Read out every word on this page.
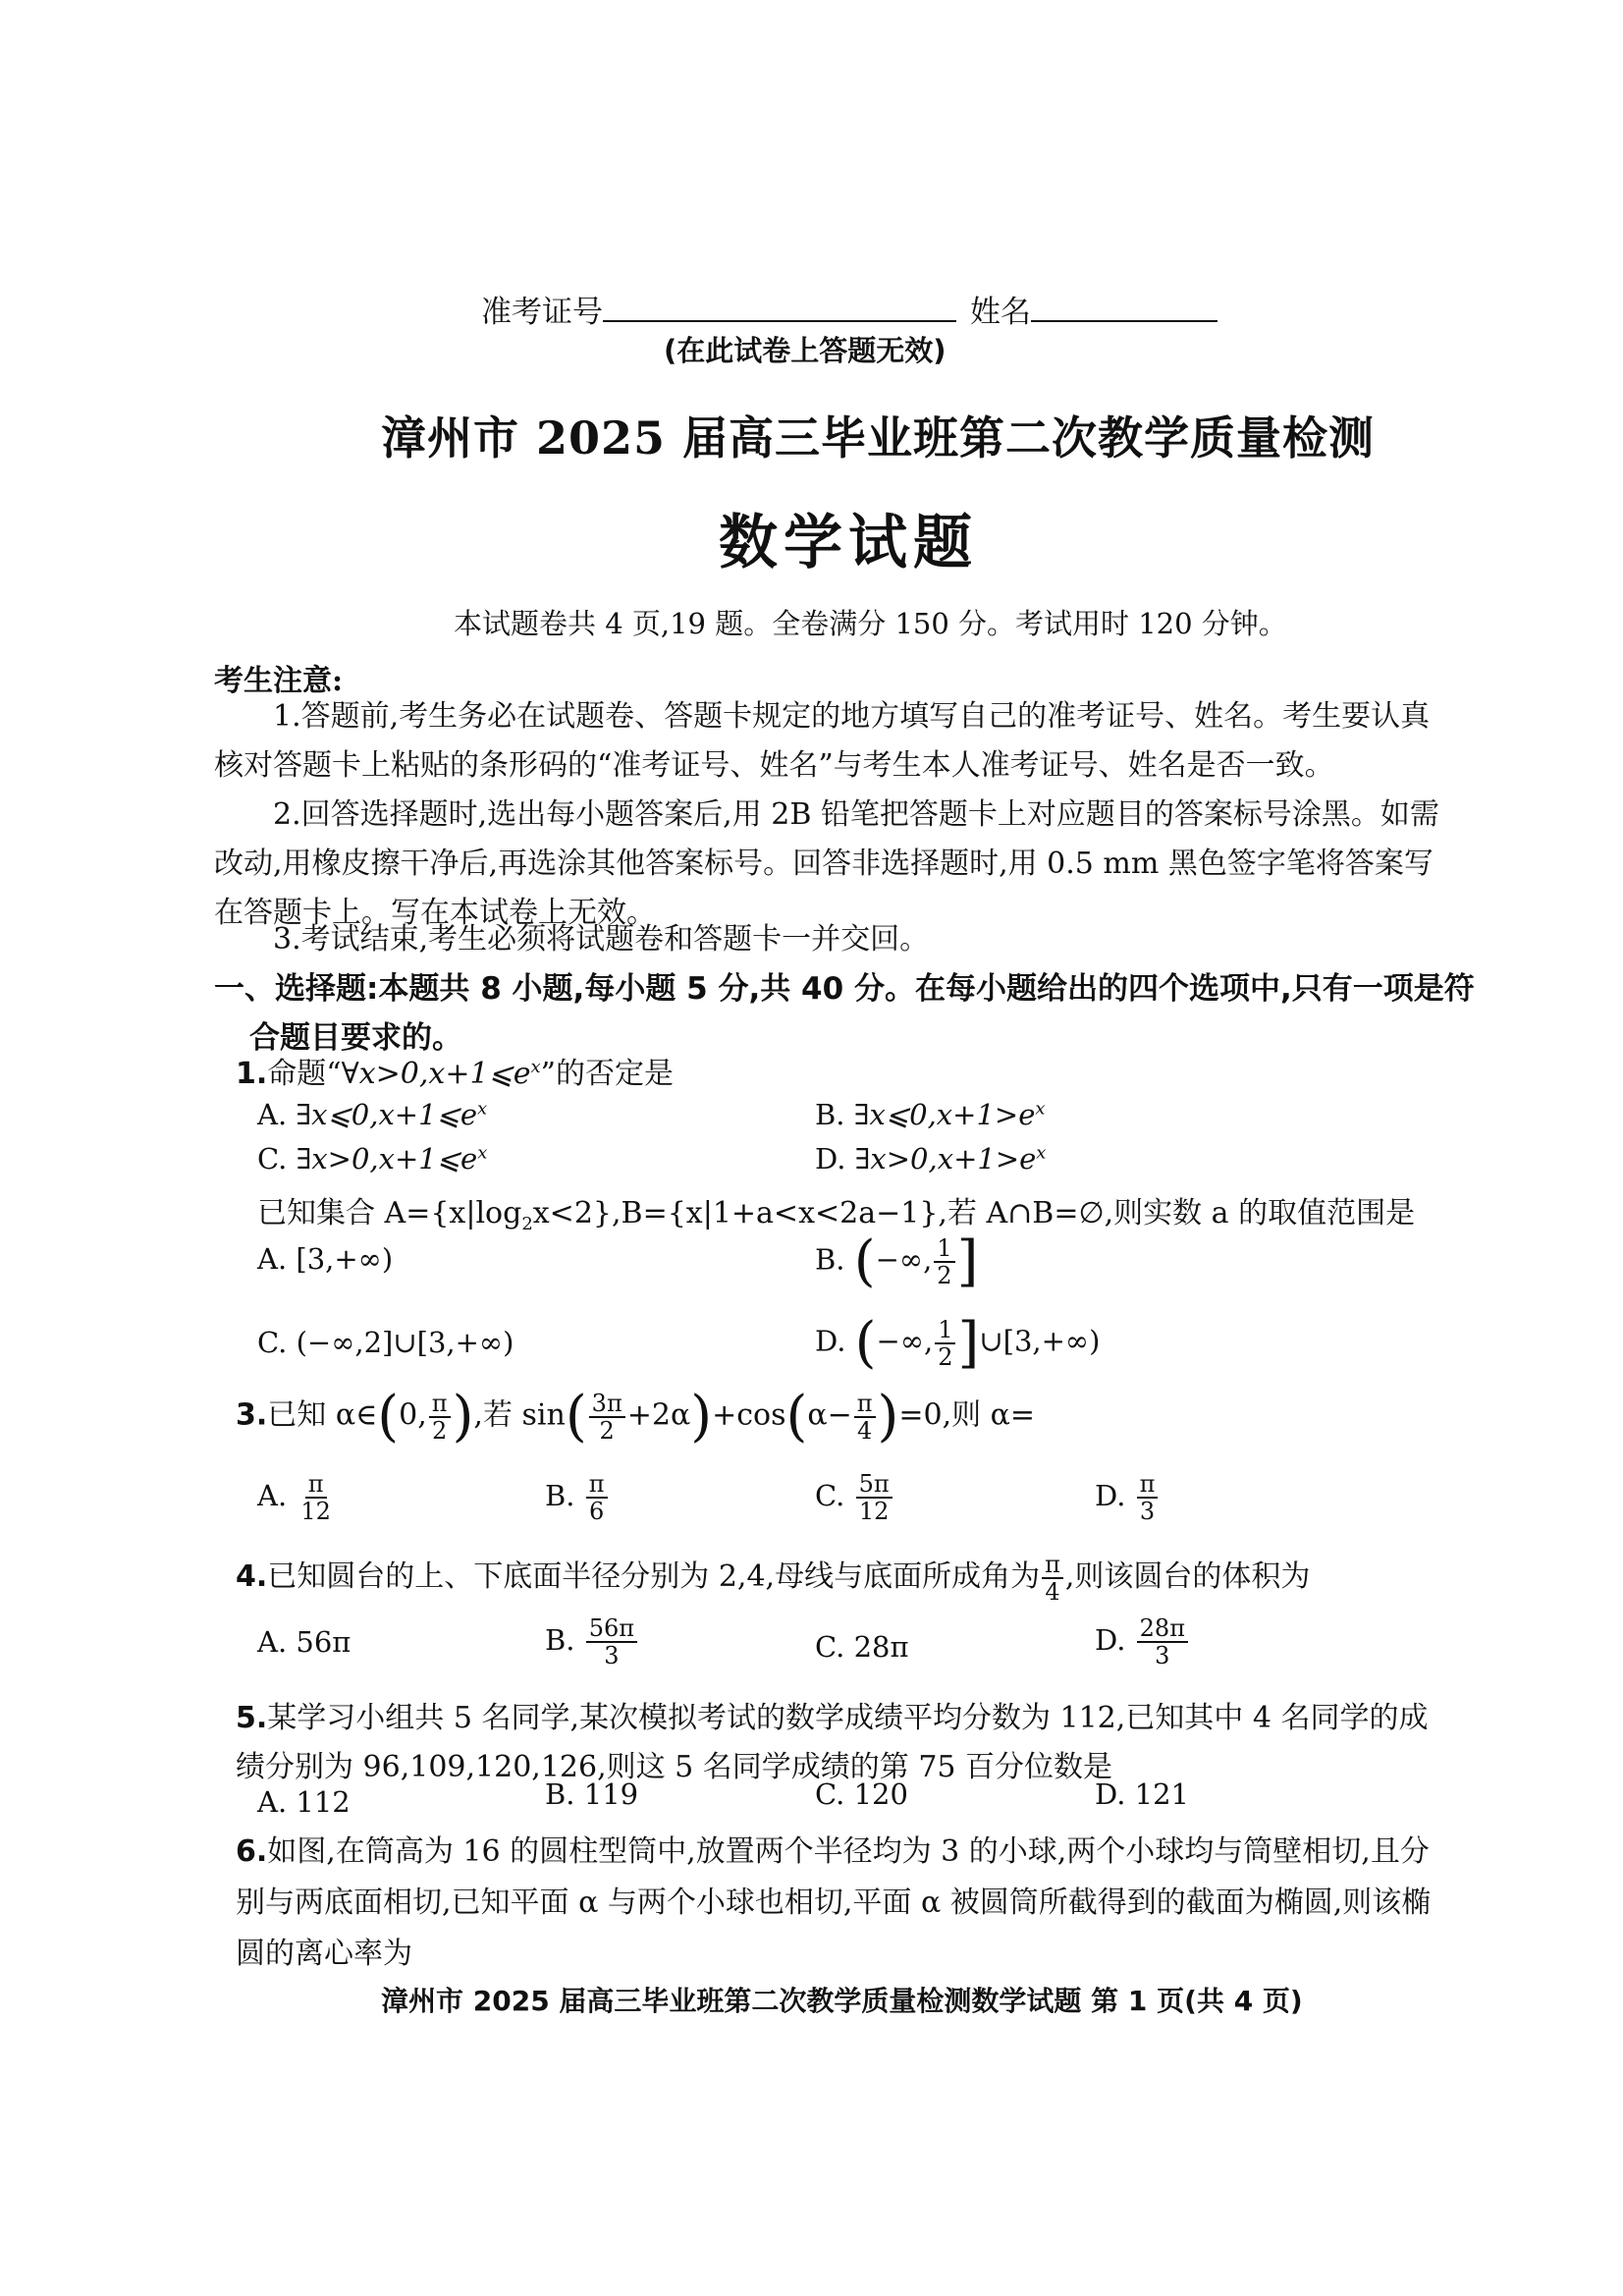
准考证号	姓名
(在此试卷上答题无效)
漳州市 2025 届高三毕业班第二次教学质量检测
数学试题
本试题卷共 4 页,19 题。全卷满分 150 分。考试用时 120 分钟。
考生注意:
1.答题前,考生务必在试题卷、答题卡规定的地方填写自己的准考证号、姓名。考生要认真核对答题卡上粘贴的条形码的“准考证号、姓名”与考生本人准考证号、姓名是否一致。
2.回答选择题时,选出每小题答案后,用 2B 铅笔把答题卡上对应题目的答案标号涂黑。如需改动,用橡皮擦干净后,再选涂其他答案标号。回答非选择题时,用 0.5 mm 黑色签字笔将答案写在答题卡上。写在本试卷上无效。
3.考试结束,考生必须将试题卷和答题卡一并交回。
一、选择题:本题共 8 小题,每小题 5 分,共 40 分。在每小题给出的四个选项中,只有一项是符合题目要求的。
1.命题“$\forall x>0,x+1⩽e^x$”的否定是
A. $\exists x⩽0,x+1⩽e^x$	B. $\exists x⩽0,x+1>e^x$
C. $\exists x>0,x+1⩽e^x$	D. $\exists x>0,x+1>e^x$
已知集合 $A=\{x|\log_2x<2\},B=\{x|1+a<x<2a-1\}$,若 A∩B=∅,则实数 a 的取值范围是
A. [3,+∞)	B. (−∞, $\frac{1}{2}$ ]
C. (−∞,2]∪[3,+∞)	D. (−∞, $\frac{1}{2}$ ]∪[3,+∞)
3.已知 α∈(0, $\frac{\pi}{2}$ ),若 $\sin( \frac{3\pi}{2} +2\alpha)+\cos(\alpha- \frac{\pi}{4} )=0$,则 α=
A. $\frac{\pi}{12}$	B. $\frac{\pi}{6}$	C. $\frac{5\pi}{12}$	D. $\frac{\pi}{3}$
4.已知圆台的上、下底面半径分别为 2,4,母线与底面所成角为 $\frac{\pi}{4}$ ,则该圆台的体积为
A. 56π	B. $\frac{56\pi}{3}$	C. 28π	D. $\frac{28\pi}{3}$
5.某学习小组共 5 名同学,某次模拟考试的数学成绩平均分数为 112,已知其中 4 名同学的成绩分别为 96,109,120,126,则这 5 名同学成绩的第 75 百分位数是
A. 112	B. 119	C. 120	D. 121
6.如图,在筒高为 16 的圆柱型筒中,放置两个半径均为 3 的小球,两个小球均与筒壁相切,且分别与两底面相切,已知平面 α 与两个小球也相切,平面 α 被圆筒所截得到的截面为椭圆,则该椭圆的离心率为
漳州市 2025 届高三毕业班第二次教学质量检测数学试题 第 1 页(共 4 页)
